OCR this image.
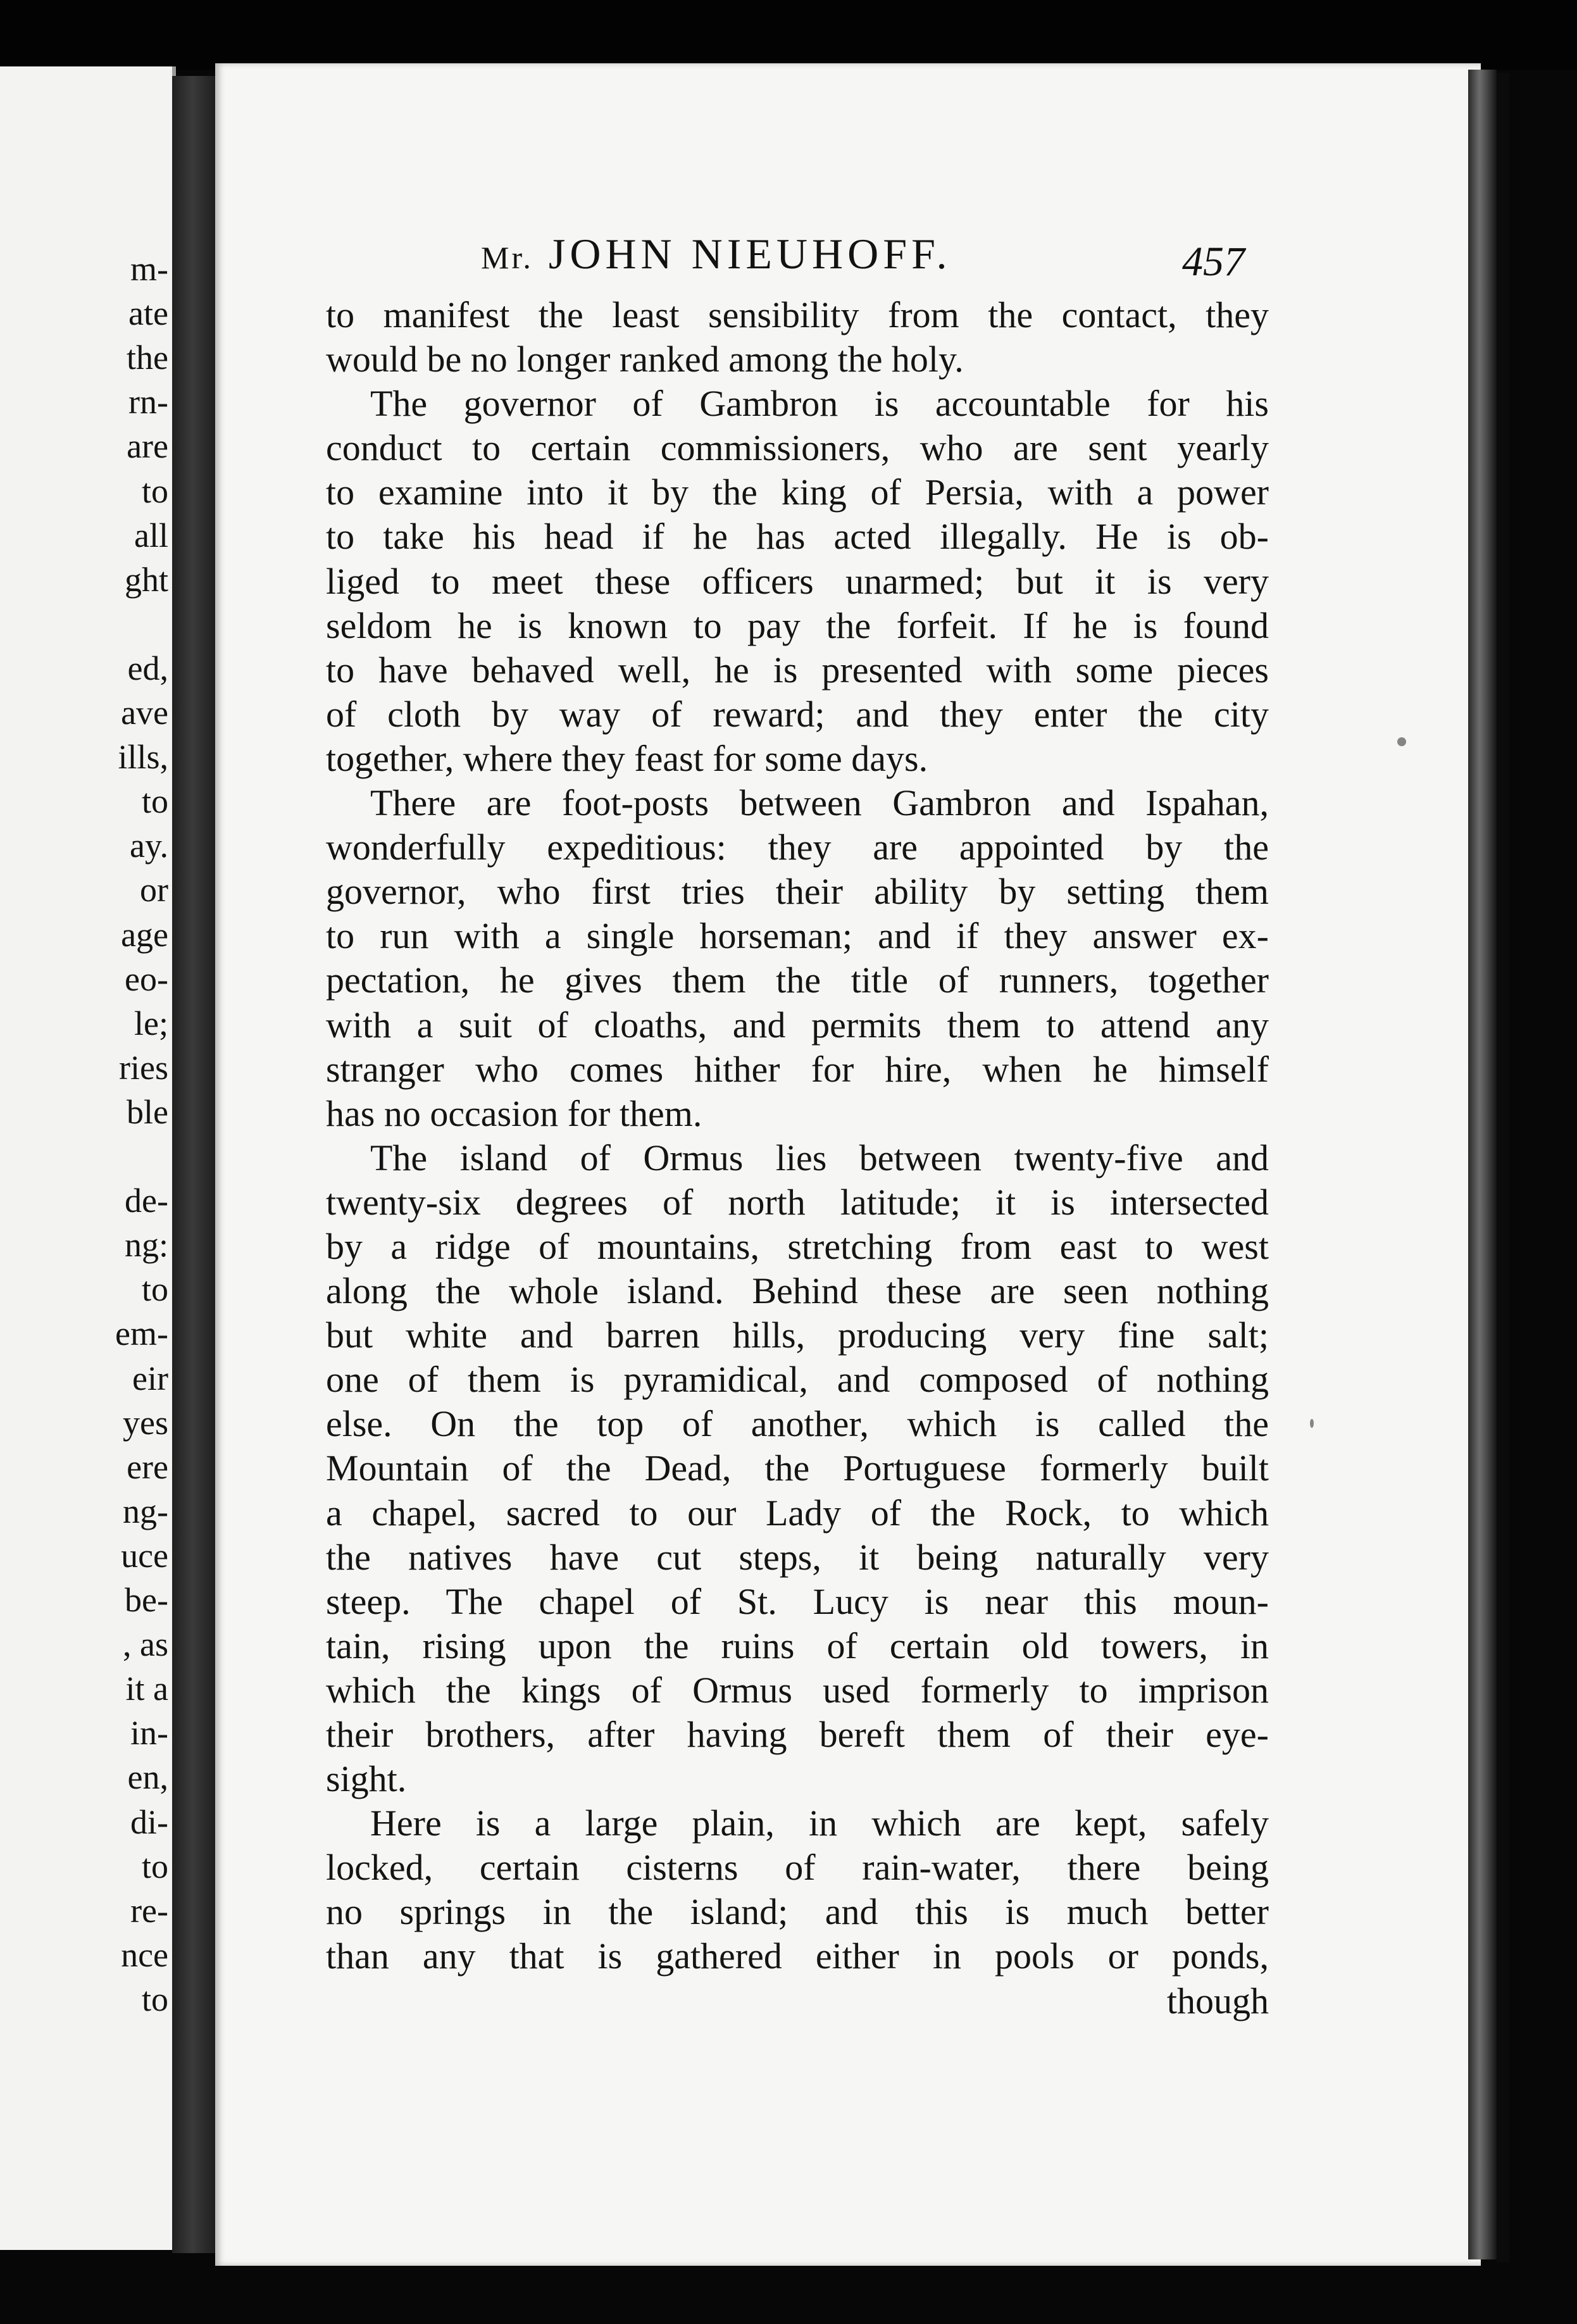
m-
ate
the
rn-
are
to
all
ght
ed,
ave
ills,
to
ay.
or
age
eo-
le;
ries
ble
de-
ng:
to
em-
eir
yes
ere
ng-
uce
be-
, as
it a
in-
en,
di-
to
re-
nce
to
Mr. JOHN NIEUHOFF.	457
to manifest the least sensibility from the contact, they
would be no longer ranked among the holy.
The governor of Gambron is accountable for his
conduct to certain commissioners, who are sent yearly
to examine into it by the king of Persia, with a power
to take his head if he has acted illegally. He is ob-
liged to meet these officers unarmed; but it is very
seldom he is known to pay the forfeit. If he is found
to have behaved well, he is presented with some pieces
of cloth by way of reward; and they enter the city
together, where they feast for some days.
There are foot-posts between Gambron and Ispahan,
wonderfully expeditious: they are appointed by the
governor, who first tries their ability by setting them
to run with a single horseman; and if they answer ex-
pectation, he gives them the title of runners, together
with a suit of cloaths, and permits them to attend any
stranger who comes hither for hire, when he himself
has no occasion for them.
The island of Ormus lies between twenty-five and
twenty-six degrees of north latitude; it is intersected
by a ridge of mountains, stretching from east to west
along the whole island. Behind these are seen nothing
but white and barren hills, producing very fine salt;
one of them is pyramidical, and composed of nothing
else. On the top of another, which is called the
Mountain of the Dead, the Portuguese formerly built
a chapel, sacred to our Lady of the Rock, to which
the natives have cut steps, it being naturally very
steep. The chapel of St. Lucy is near this moun-
tain, rising upon the ruins of certain old towers, in
which the kings of Ormus used formerly to imprison
their brothers, after having bereft them of their eye-
sight.
Here is a large plain, in which are kept, safely
locked, certain cisterns of rain-water, there being
no springs in the island; and this is much better
than any that is gathered either in pools or ponds,
though
